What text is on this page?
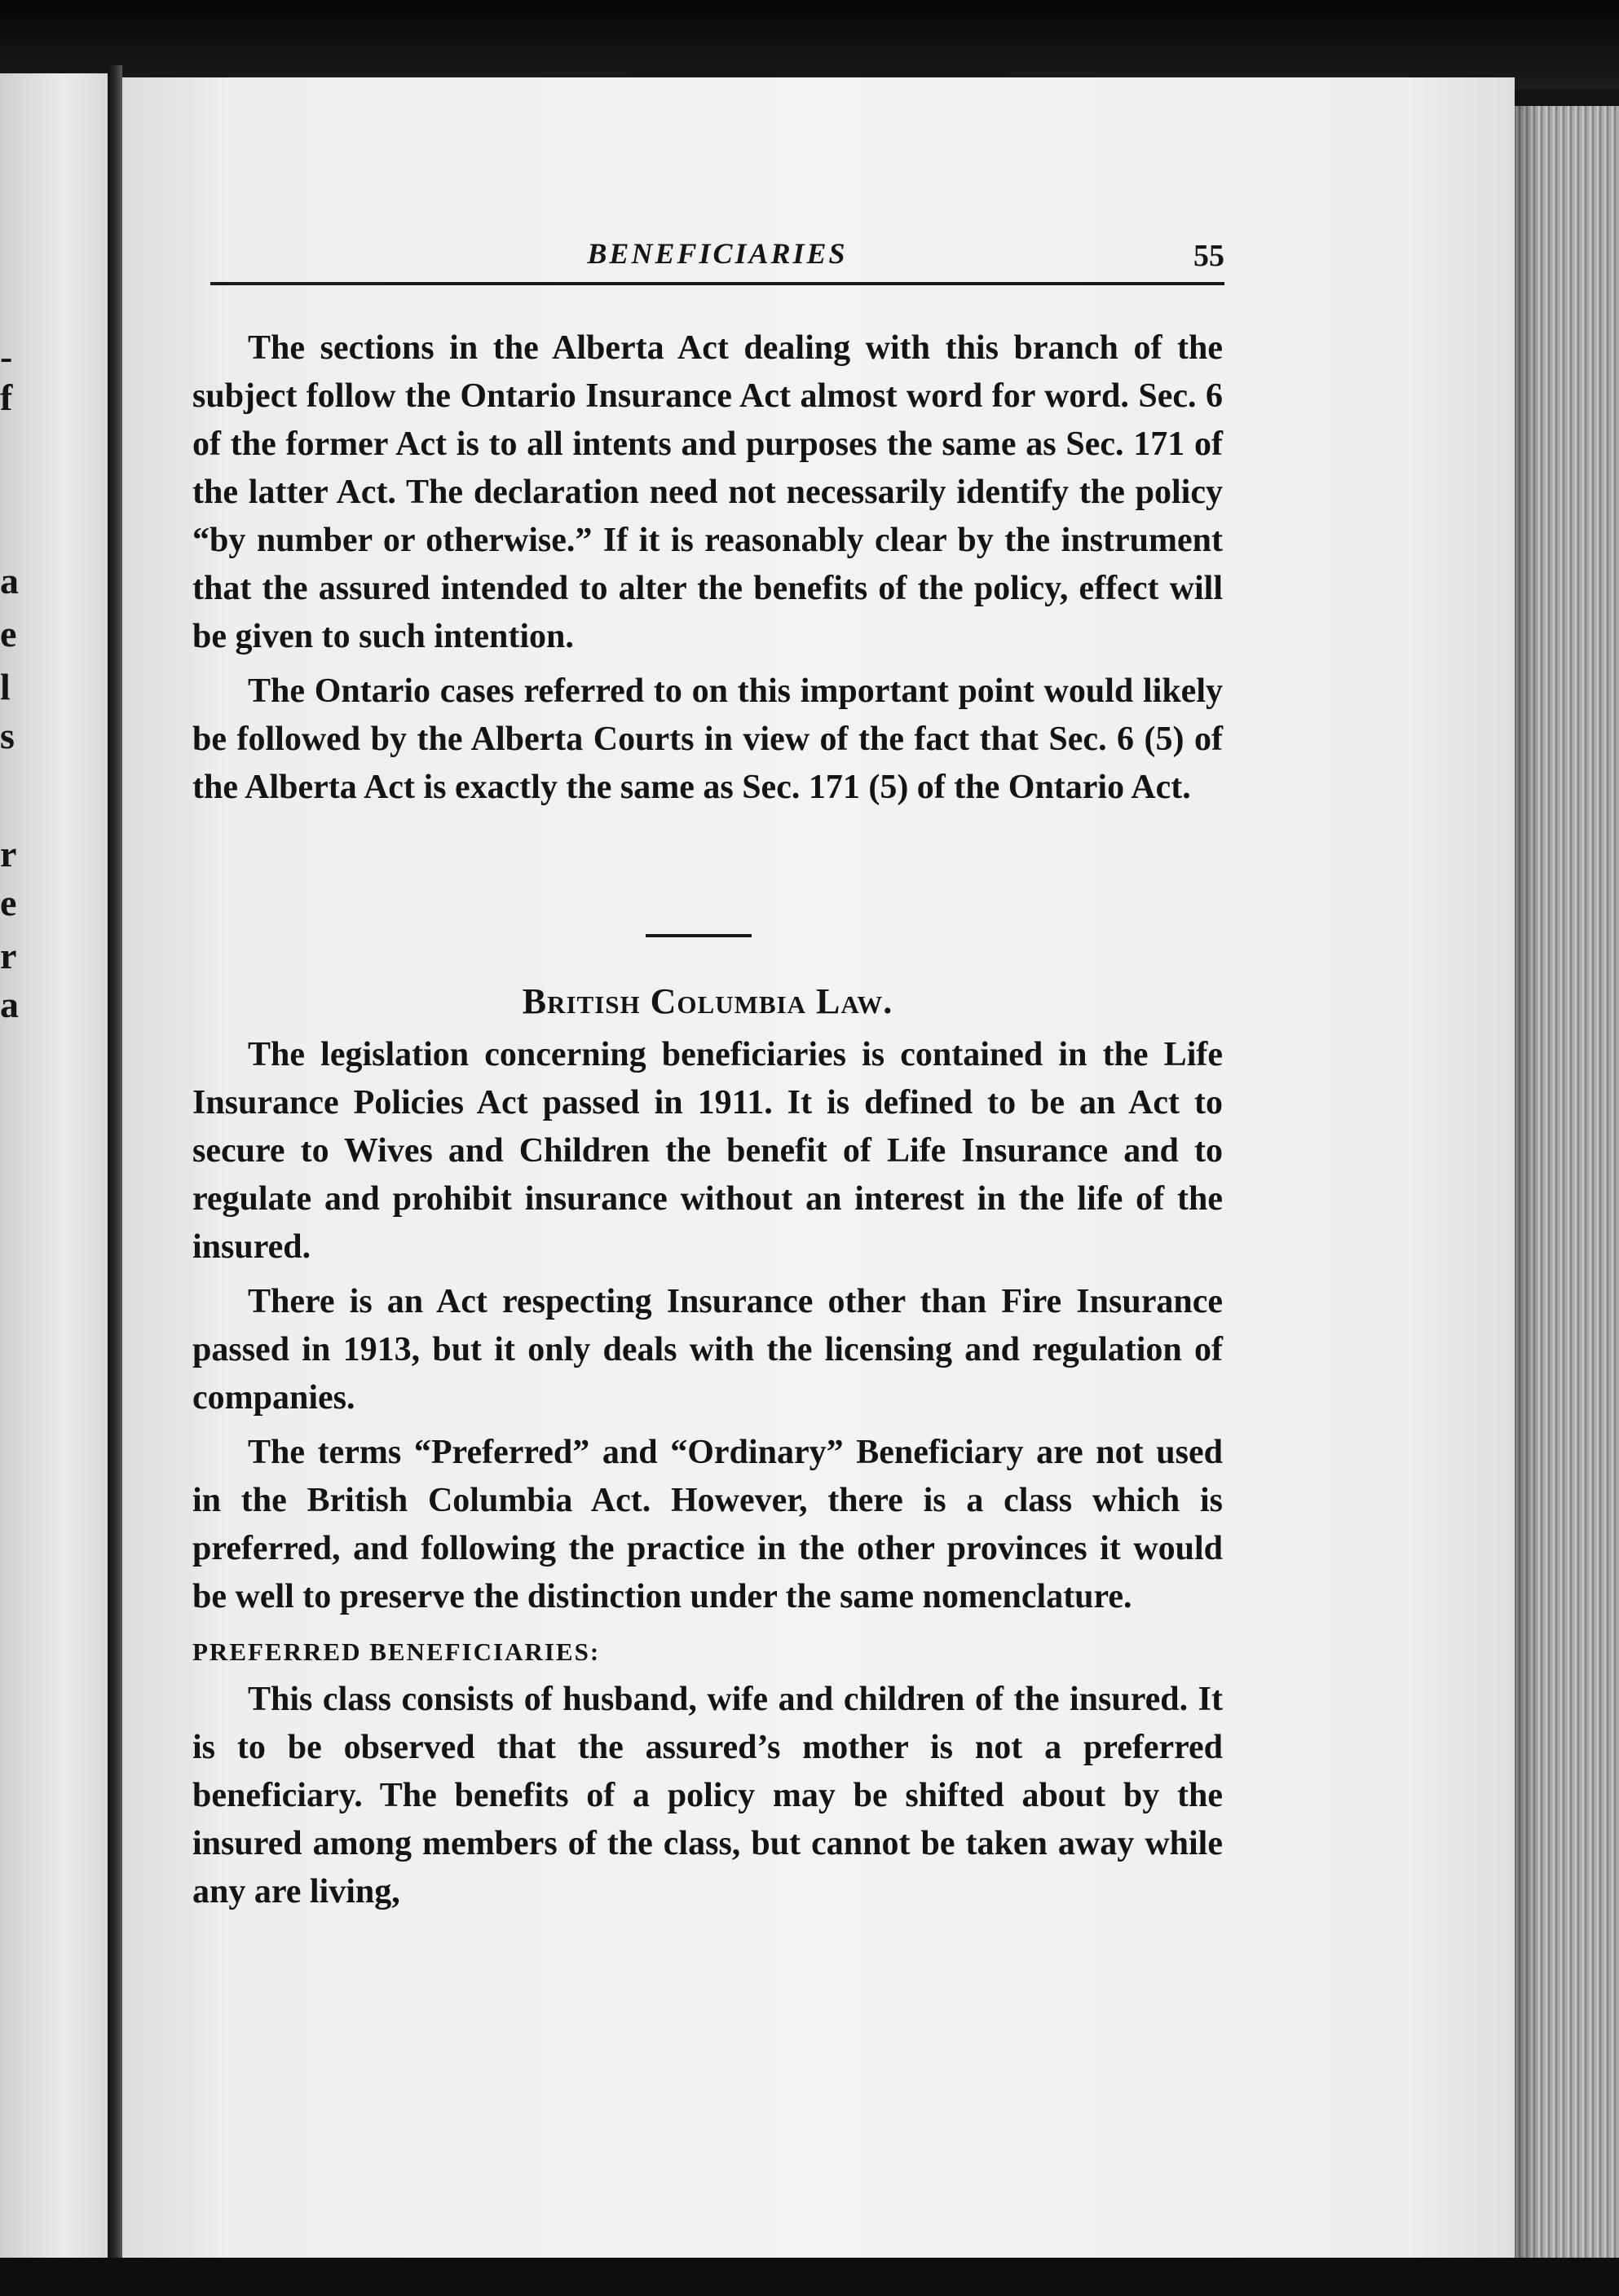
-
f
a
e
l
s
r
e
r
a
BENEFICIARIES	55

The sections in the Alberta Act dealing with this branch of the subject follow the Ontario Insurance Act almost word for word. Sec. 6 of the former Act is to all intents and purposes the same as Sec. 171 of the latter Act. The declaration need not necessarily identify the policy “by number or otherwise.” If it is reasonably clear by the instrument that the assured intended to alter the benefits of the policy, effect will be given to such intention.

The Ontario cases referred to on this important point would likely be followed by the Alberta Courts in view of the fact that Sec. 6 (5) of the Alberta Act is exactly the same as Sec. 171 (5) of the Ontario Act.

British Columbia Law.

The legislation concerning beneficiaries is contained in the Life Insurance Policies Act passed in 1911. It is defined to be an Act to secure to Wives and Children the benefit of Life Insurance and to regulate and prohibit insurance without an interest in the life of the insured.

There is an Act respecting Insurance other than Fire Insurance passed in 1913, but it only deals with the licensing and regulation of companies.

The terms “Preferred” and “Ordinary” Beneficiary are not used in the British Columbia Act. However, there is a class which is preferred, and following the practice in the other provinces it would be well to preserve the distinction under the same nomenclature.

PREFERRED BENEFICIARIES:

This class consists of husband, wife and children of the insured. It is to be observed that the assured’s mother is not a preferred beneficiary. The benefits of a policy may be shifted about by the insured among members of the class, but cannot be taken away while any are living,
